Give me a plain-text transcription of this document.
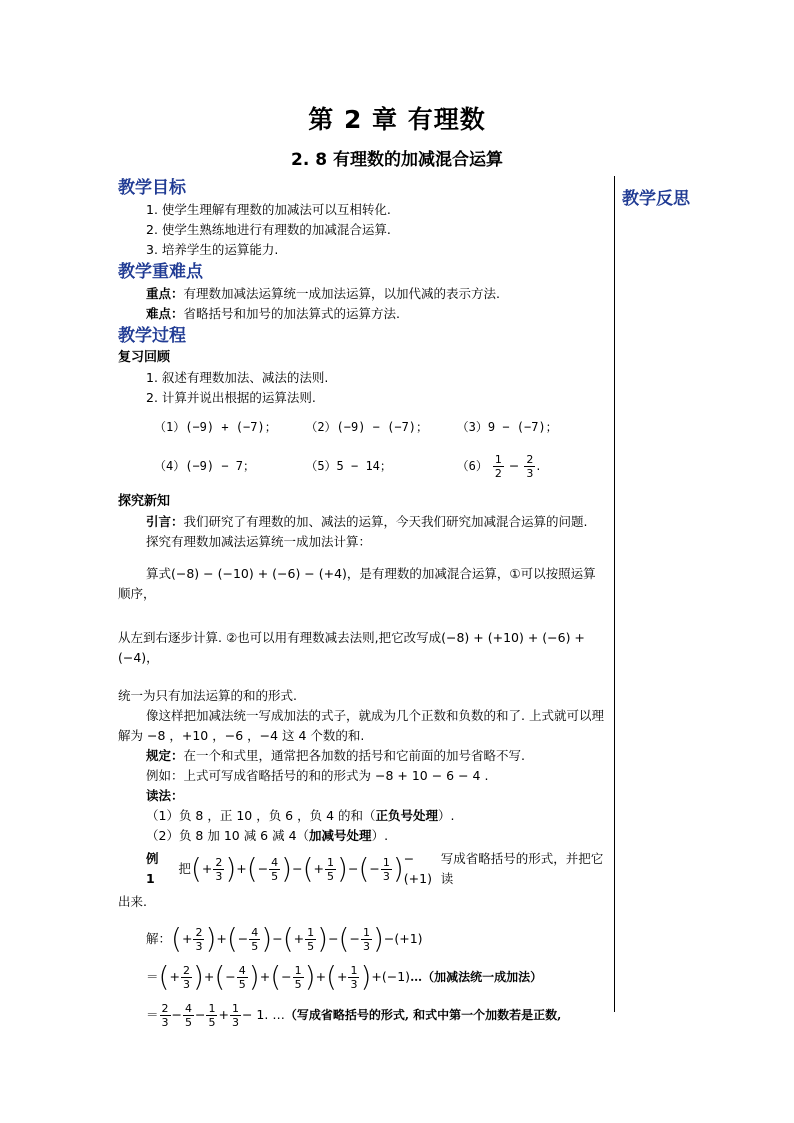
第 2 章 有理数
2. 8 有理数的加减混合运算
教学反思
教学目标
1. 使学生理解有理数的加减法可以互相转化.
2. 使学生熟练地进行有理数的加减混合运算.
3. 培养学生的运算能力.
教学重难点
重点：有理数加减法运算统一成加法运算，以加代减的表示方法.
难点：省略括号和加号的加法算式的运算方法.
教学过程
复习回顾
1. 叙述有理数加法、减法的法则.
2. 计算并说出根据的运算法则.
（1）(−9) + (−7)；	（2）(−9) − (−7)；	（3）9 − (−7)；
（4）(−9) − 7；	（5）5 − 14；	$(6) \frac{1}{2} - \frac{2}{3}$ .
探究新知
引言：我们研究了有理数的加、减法的运算，今天我们研究加减混合运算的问题.
探究有理数加减法运算统一成加法计算：
算式(−8) − (−10) + (−6) − (+4)，是有理数的加减混合运算，①可以按照运算顺序，
从左到右逐步计算. ②也可以用有理数减去法则,把它改写成(−8) + (+10) + (−6) + (−4)，
统一为只有加法运算的和的形式.
像这样把加减法统一写成加法的式子，就成为几个正数和负数的和了. 上式就可以理解为 −8 ，+10 ，−6 ，−4 这 4 个数的和.
规定：在一个和式里，通常把各加数的括号和它前面的加号省略不写.
例如：上式可写成省略括号的和的形式为 −8 + 10 − 6 − 4 .
读法：
（1）负 8 ，正 10 ，负 6 ，负 4 的和（正负号处理）.
（2）负 8 加 10 减 6 减 4（加减号处理）.
例 1

把 ( + $\frac{2}{3}$ ) + ( − $\frac{4}{5}$ ) − ( + $\frac{1}{5}$ ) − ( − $\frac{1}{3}$ ) −(+1)
写成省略括号的形式，并把它读
出来.
解： ( + $\frac{2}{3}$ ) + ( − $\frac{4}{5}$ ) − ( + $\frac{1}{5}$ ) − ( − $\frac{1}{3}$ ) −(+1)
＝ ( + $\frac{2}{3}$ ) + ( − $\frac{4}{5}$ ) + ( − $\frac{1}{5}$ ) + ( + $\frac{1}{3}$ ) +(−1) …（加减法统一成加法）
＝ $\frac{2}{3} - \frac{4}{5} - \frac{1}{5} + \frac{1}{3} - 1$. … （写成省略括号的形式, 和式中第一个加数若是正数,
